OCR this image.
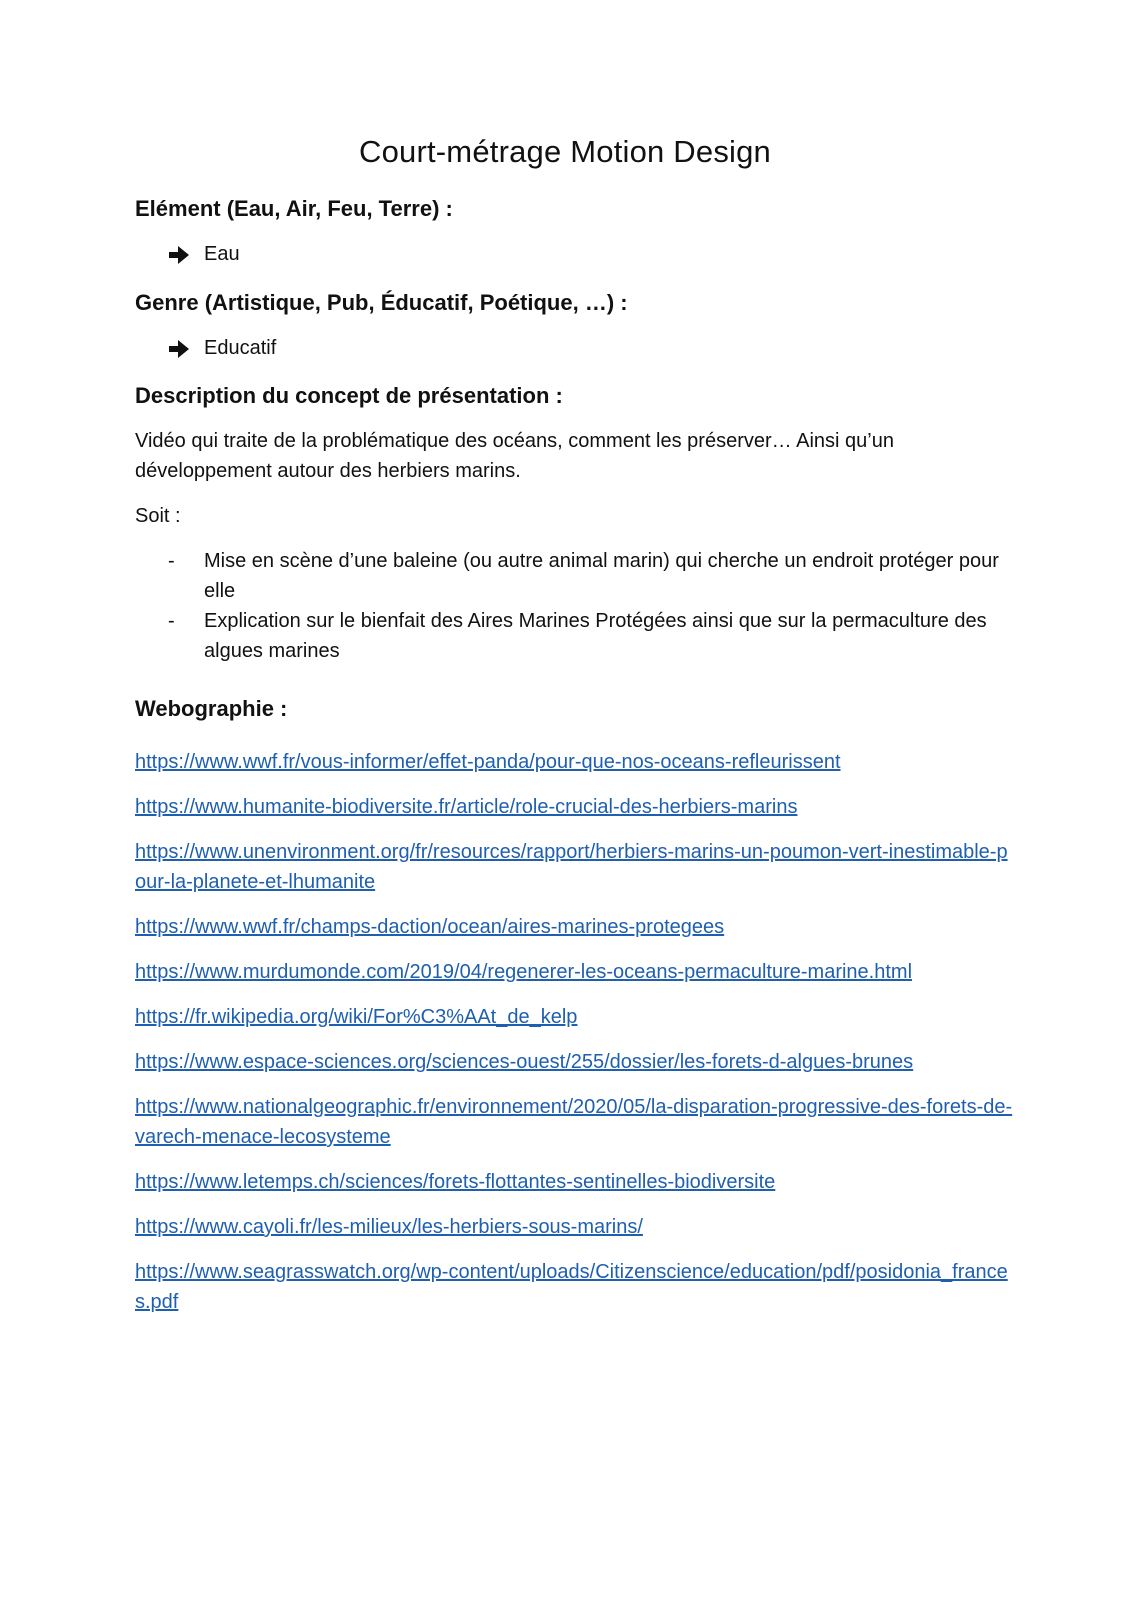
Court-métrage Motion Design
Elément (Eau, Air, Feu, Terre) :
Eau
Genre (Artistique, Pub, Éducatif, Poétique, …) :
Educatif
Description du concept de présentation :

Vidéo qui traite de la problématique des océans, comment les préserver… Ainsi qu’un développement autour des herbiers marins.

Soit :

- Mise en scène d’une baleine (ou autre animal marin) qui cherche un endroit protéger pour elle
- Explication sur le bienfait des Aires Marines Protégées ainsi que sur la permaculture des algues marines
Webographie :
https://www.wwf.fr/vous-informer/effet-panda/pour-que-nos-oceans-refleurissent
https://www.humanite-biodiversite.fr/article/role-crucial-des-herbiers-marins
https://www.unenvironment.org/fr/resources/rapport/herbiers-marins-un-poumon-vert-inestimable-pour-la-planete-et-lhumanite
https://www.wwf.fr/champs-daction/ocean/aires-marines-protegees
https://www.murdumonde.com/2019/04/regenerer-les-oceans-permaculture-marine.html
https://fr.wikipedia.org/wiki/For%C3%AAt_de_kelp
https://www.espace-sciences.org/sciences-ouest/255/dossier/les-forets-d-algues-brunes
https://www.nationalgeographic.fr/environnement/2020/05/la-disparation-progressive-des-forets-de-varech-menace-lecosysteme
https://www.letemps.ch/sciences/forets-flottantes-sentinelles-biodiversite
https://www.cayoli.fr/les-milieux/les-herbiers-sous-marins/
https://www.seagrasswatch.org/wp-content/uploads/Citizenscience/education/pdf/posidonia_frances.pdf
